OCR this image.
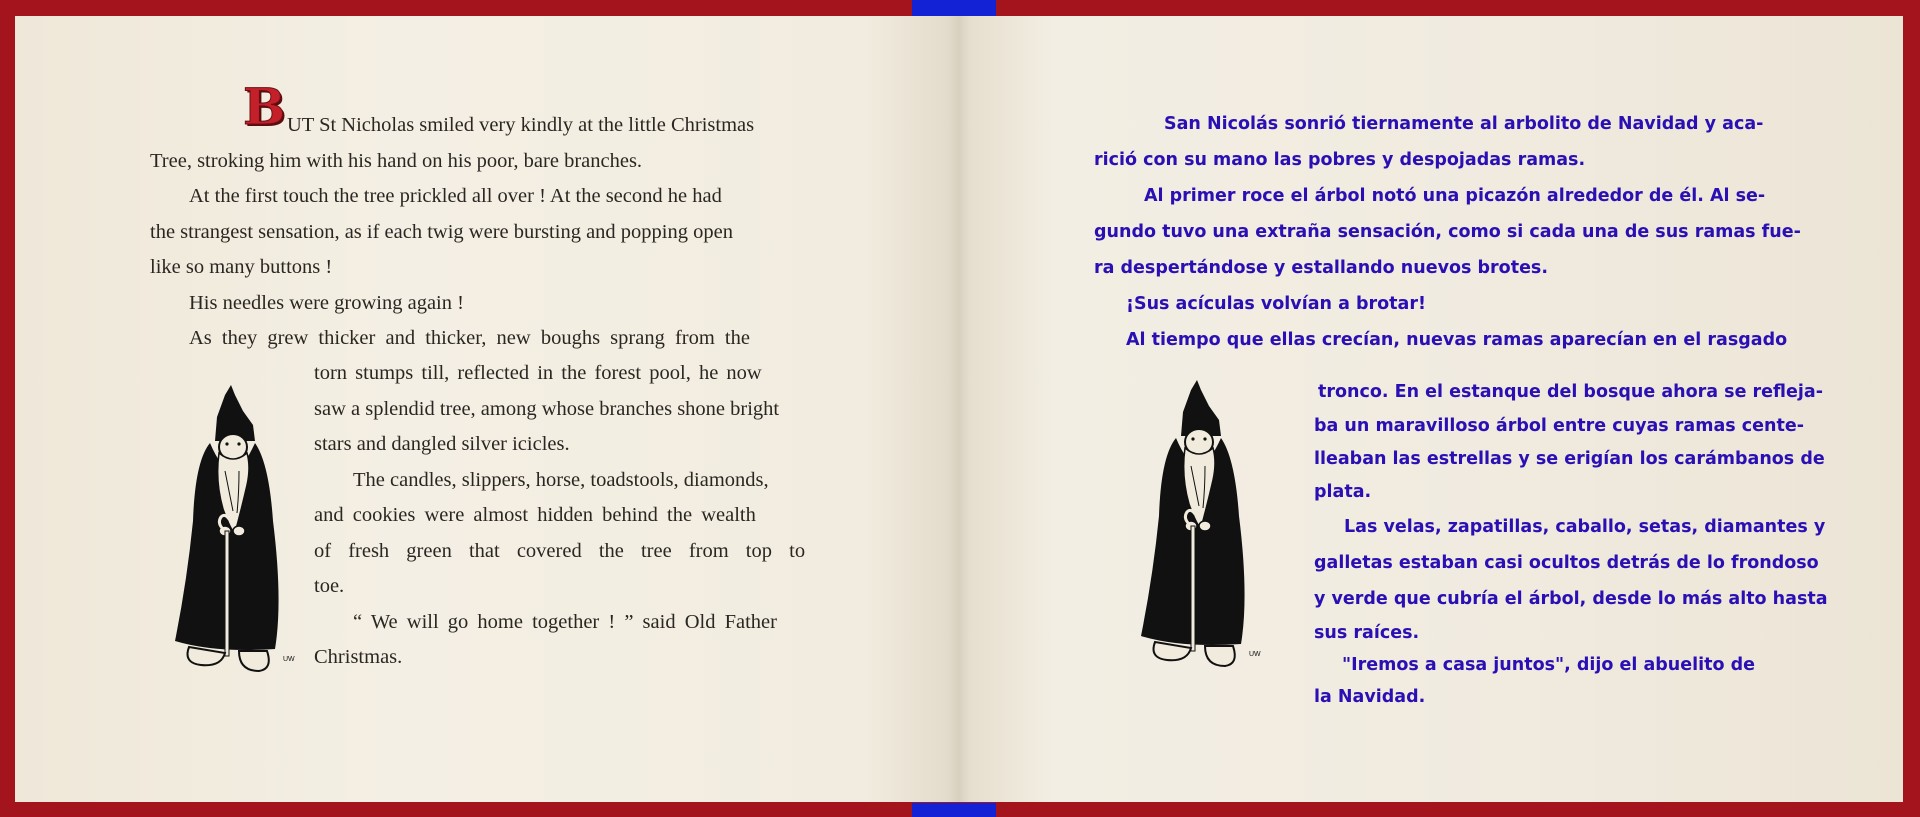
B UT St Nicholas smiled very kindly at the little Christmas
Tree, stroking him with his hand on his poor, bare branches.
At the first touch the tree prickled all over ! At the second he had
the strangest sensation, as if each twig were bursting and popping open
like so many buttons !
His needles were growing again !
As they grew thicker and thicker, new boughs sprang from the
torn stumps till, reflected in the forest pool, he now
saw a splendid tree, among whose branches shone bright
stars and dangled silver icicles.
The candles, slippers, horse, toadstools, diamonds,
and cookies were almost hidden behind the wealth
of fresh green that covered the tree from top to
toe.
“ We will go home together ! ” said Old Father
Christmas.
UW
San Nicolás sonrió tiernamente al arbolito de Navidad y aca-
rició con su mano las pobres y despojadas ramas.
Al primer roce el árbol notó una picazón alrededor de él. Al se-
gundo tuvo una extraña sensación, como si cada una de sus ramas fue-
ra despertándose y estallando nuevos brotes.
¡Sus acículas volvían a brotar!
Al tiempo que ellas crecían, nuevas ramas aparecían en el rasgado
tronco. En el estanque del bosque ahora se refleja-
ba un maravilloso árbol entre cuyas ramas cente-
lleaban las estrellas y se erigían los carámbanos de
plata.
Las velas, zapatillas, caballo, setas, diamantes y
galletas estaban casi ocultos detrás de lo frondoso
y verde que cubría el árbol, desde lo más alto hasta
sus raíces.
"Iremos a casa juntos", dijo el abuelito de
la Navidad.
UW
